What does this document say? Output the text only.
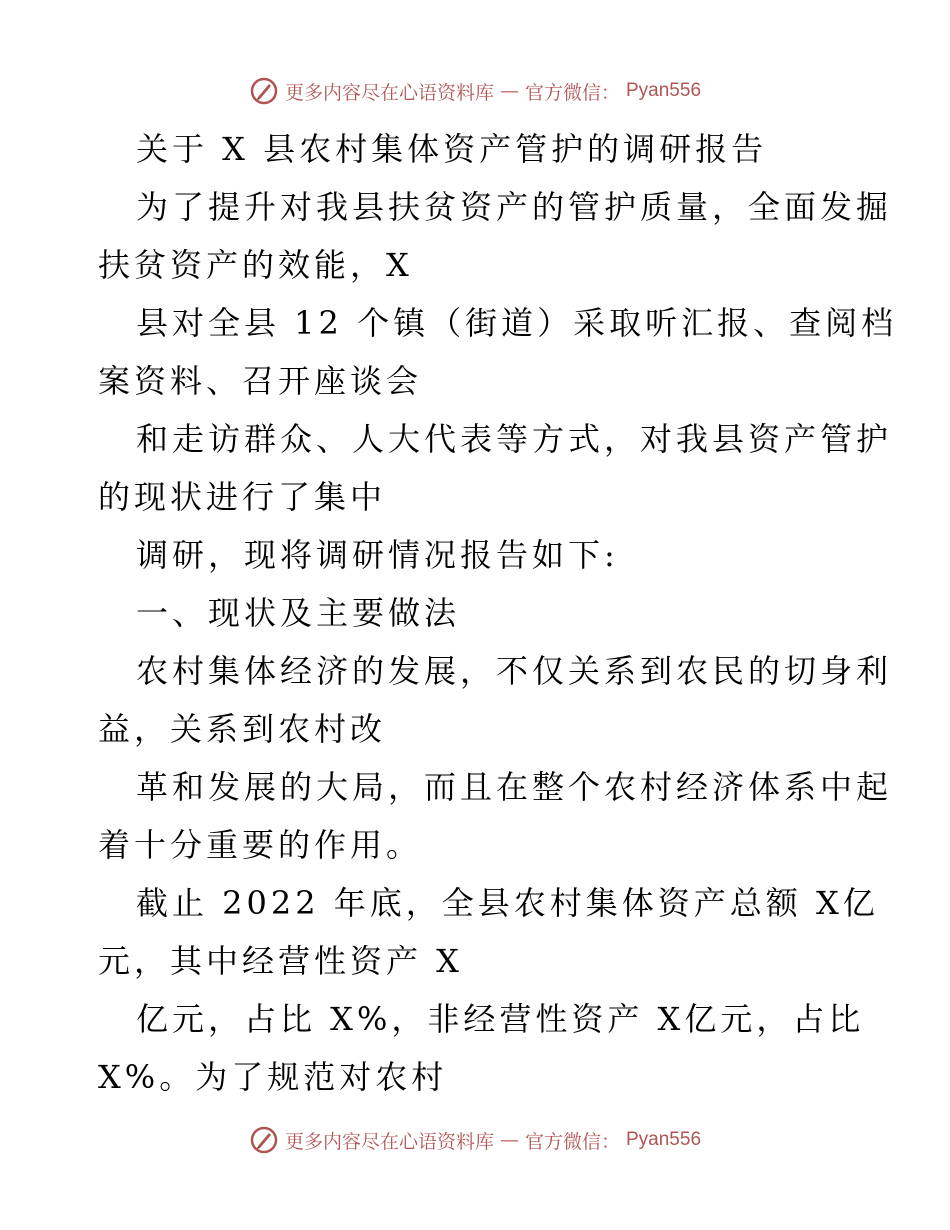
更多内容尽在心语资料库 — 官方微信： Pyan556
关于 X 县农村集体资产管护的调研报告
为了提升对我县扶贫资产的管护质量，全面发掘
扶贫资产的效能，X
县对全县 12 个镇（街道）采取听汇报、查阅档
案资料、召开座谈会
和走访群众、人大代表等方式，对我县资产管护
的现状进行了集中
调研，现将调研情况报告如下:
一、现状及主要做法
农村集体经济的发展，不仅关系到农民的切身利
益，关系到农村改
革和发展的大局，而且在整个农村经济体系中起
着十分重要的作用。
截止 2022 年底，全县农村集体资产总额 X亿
元，其中经营性资产 X
亿元，占比 X%，非经营性资产 X亿元，占比
X%。为了规范对农村
更多内容尽在心语资料库 — 官方微信： Pyan556
